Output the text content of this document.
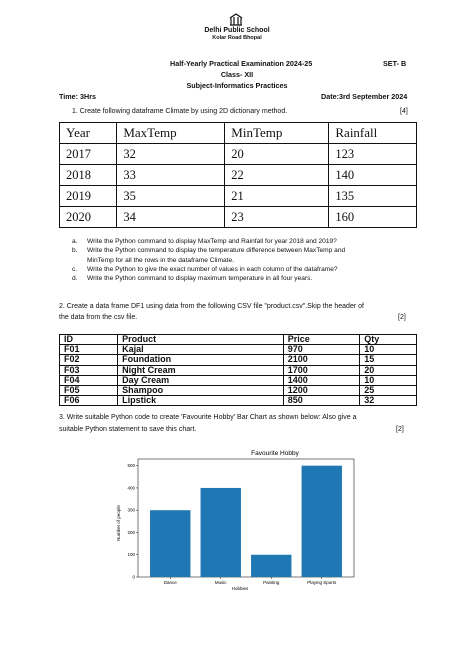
Delhi Public School
Kolar Road Bhopal
Half-Yearly Practical Examination 2024-25	SET- B
Class- XII
Subject-Informatics Practices
Time: 3Hrs	Date:3rd September 2024
1. Create following dataframe Climate by using 2D dictionary method.	[4]
Year	MaxTemp	MinTemp	Rainfall
2017	32	20	123
2018	33	22	140
2019	35	21	135
2020	34	23	160
a. Write the Python command to display MaxTemp and Rainfall for year 2018 and 2019?
b. Write the Python command to display the temperature difference between MaxTemp and
MinTemp for all the rows in the dataframe Climate.
c. Write the Python to give the exact number of values in each column of the dataframe?
d. Write the Python command to display maximum temperature in all four years.
2. Create a data frame DF1 using data from the following CSV file "product.csv".Skip the header of
the data from the csv file.	[2]
ID	Product	Price	Qty
F01	Kajal	970	10
F02	Foundation	2100	15
F03	Night Cream	1700	20
F04	Day Cream	1400	10
F05	Shampoo	1200	25
F06	Lipstick	850	32
3. Write suitable Python code to create 'Favourite Hobby' Bar Chart as shown below: Also give a
suitable Python statement to save this chart.	[2]
Favourite Hobby
Hobbies
Number of people
0
100
200
300
400
500
Dance	Music	Painting	Playing Sports
